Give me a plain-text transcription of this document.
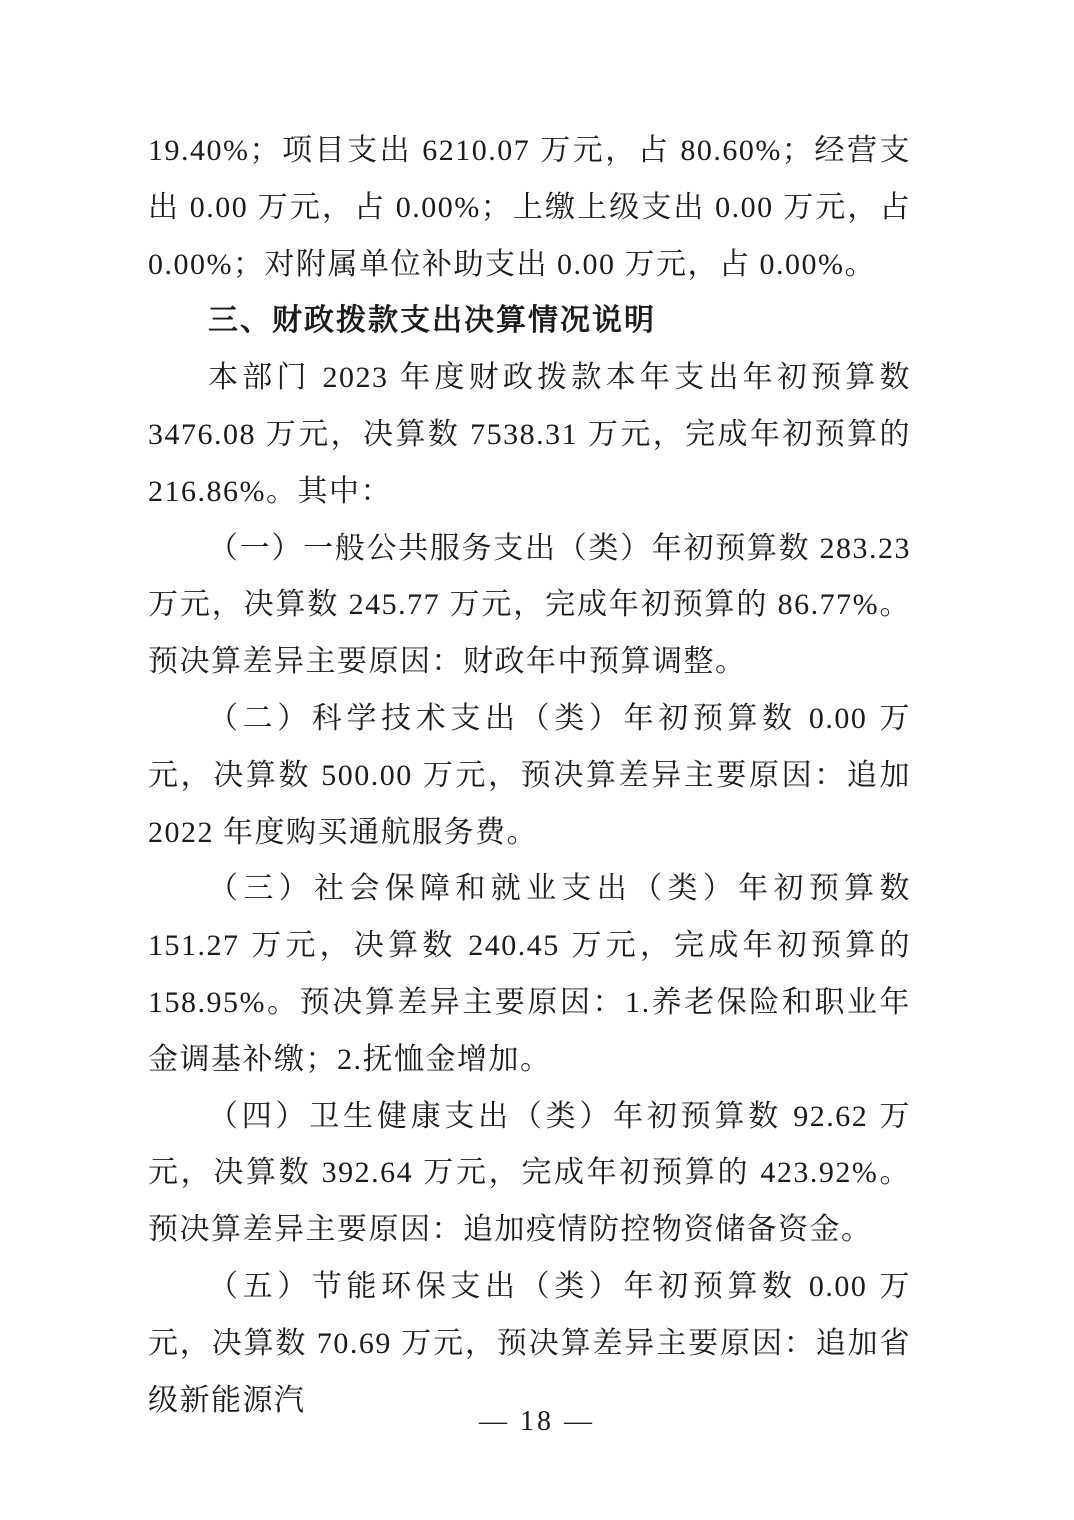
19.40%；项目支出 6210.07 万元，占 80.60%；经营支出 0.00 万元，占 0.00%；上缴上级支出 0.00 万元，占 0.00%；对附属单位补助支出 0.00 万元，占 0.00%。
三、财政拨款支出决算情况说明
本部门 2023 年度财政拨款本年支出年初预算数 3476.08 万元，决算数 7538.31 万元，完成年初预算的 216.86%。其中：
（一）一般公共服务支出（类）年初预算数 283.23 万元，决算数 245.77 万元，完成年初预算的 86.77%。预决算差异主要原因：财政年中预算调整。
（二）科学技术支出（类）年初预算数 0.00 万元，决算数 500.00 万元，预决算差异主要原因：追加 2022 年度购买通航服务费。
（三）社会保障和就业支出（类）年初预算数 151.27 万元，决算数 240.45 万元，完成年初预算的 158.95%。预决算差异主要原因：1.养老保险和职业年金调基补缴；2.抚恤金增加。
（四）卫生健康支出（类）年初预算数 92.62 万元，决算数 392.64 万元，完成年初预算的 423.92%。预决算差异主要原因：追加疫情防控物资储备资金。
（五）节能环保支出（类）年初预算数 0.00 万元，决算数 70.69 万元，预决算差异主要原因：追加省级新能源汽
— 18 —
